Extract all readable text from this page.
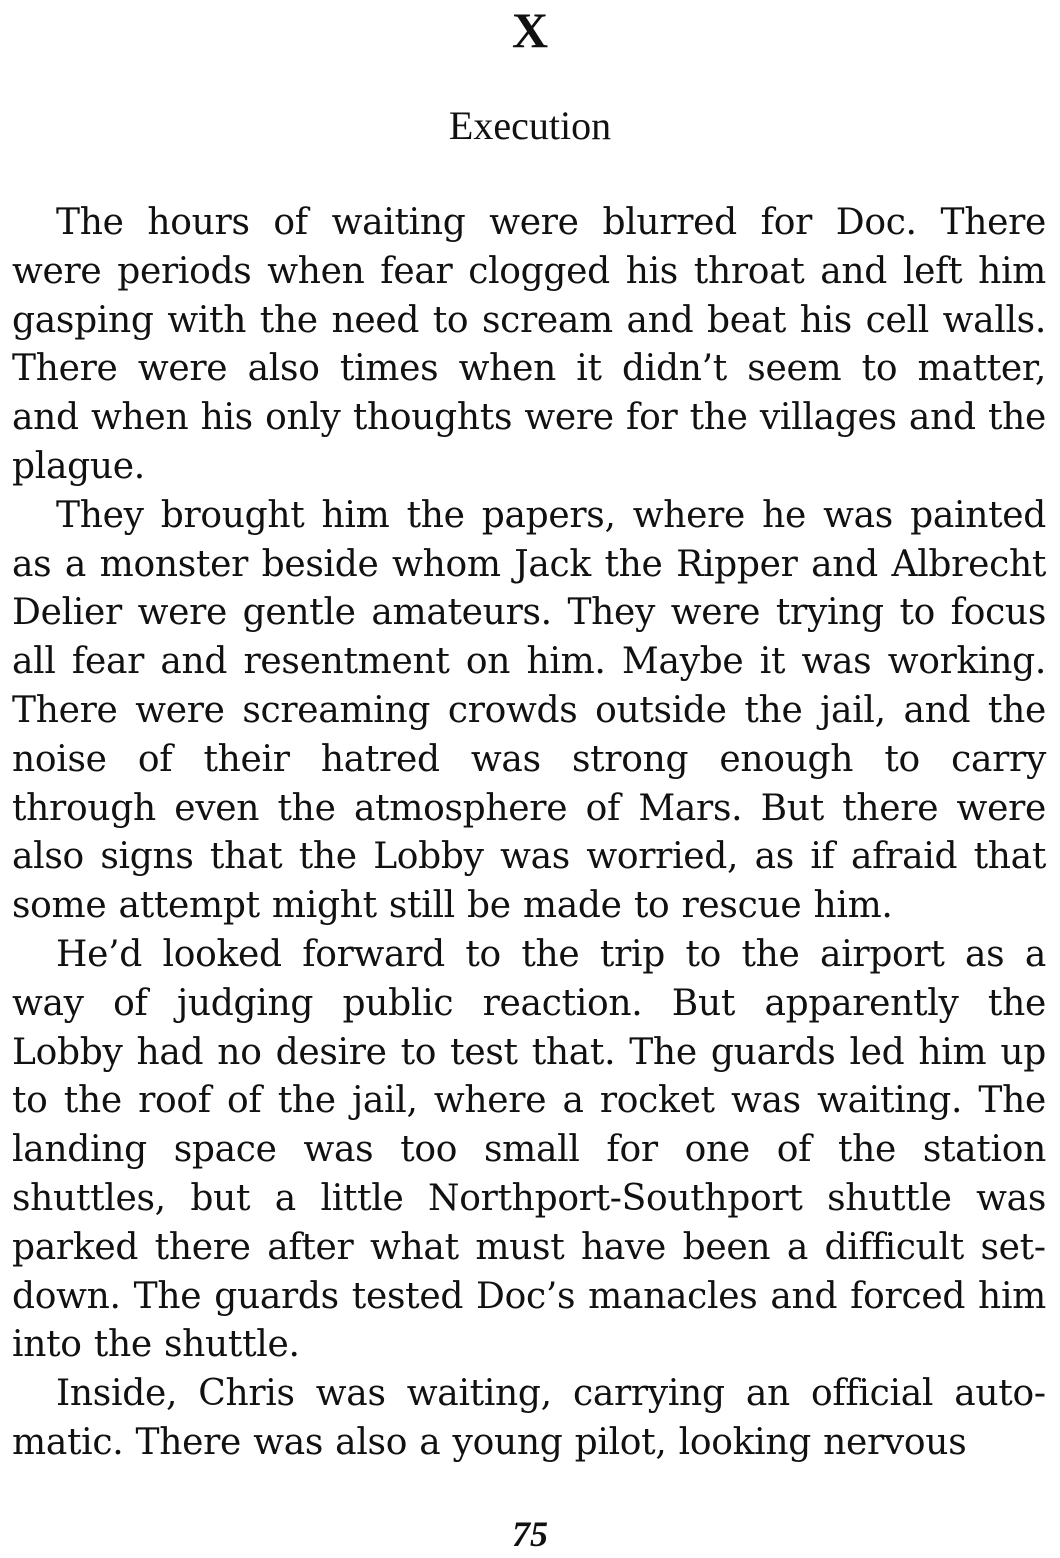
X
Execution

The hours of waiting were blurred for Doc. There were periods when fear clogged his throat and left him gasping with the need to scream and beat his cell walls. There were also times when it didn’t seem to matter, and when his only thoughts were for the villages and the plague.

They brought him the papers, where he was painted as a monster beside whom Jack the Ripper and Albrecht Delier were gentle amateurs. They were trying to focus all fear and resentment on him. Maybe it was working. There were screaming crowds outside the jail, and the noise of their hatred was strong enough to carry through even the atmosphere of Mars. But there were also signs that the Lobby was worried, as if afraid that some attempt might still be made to rescue him.

He’d looked forward to the trip to the airport as a way of judging public reaction. But apparently the Lobby had no desire to test that. The guards led him up to the roof of the jail, where a rocket was waiting. The landing space was too small for one of the station shuttles, but a little Northport-Southport shuttle was parked there after what must have been a difficult setdown. The guards tested Doc’s manacles and forced him into the shuttle.

Inside, Chris was waiting, carrying an official automatic. There was also a young pilot, looking nervous

75
